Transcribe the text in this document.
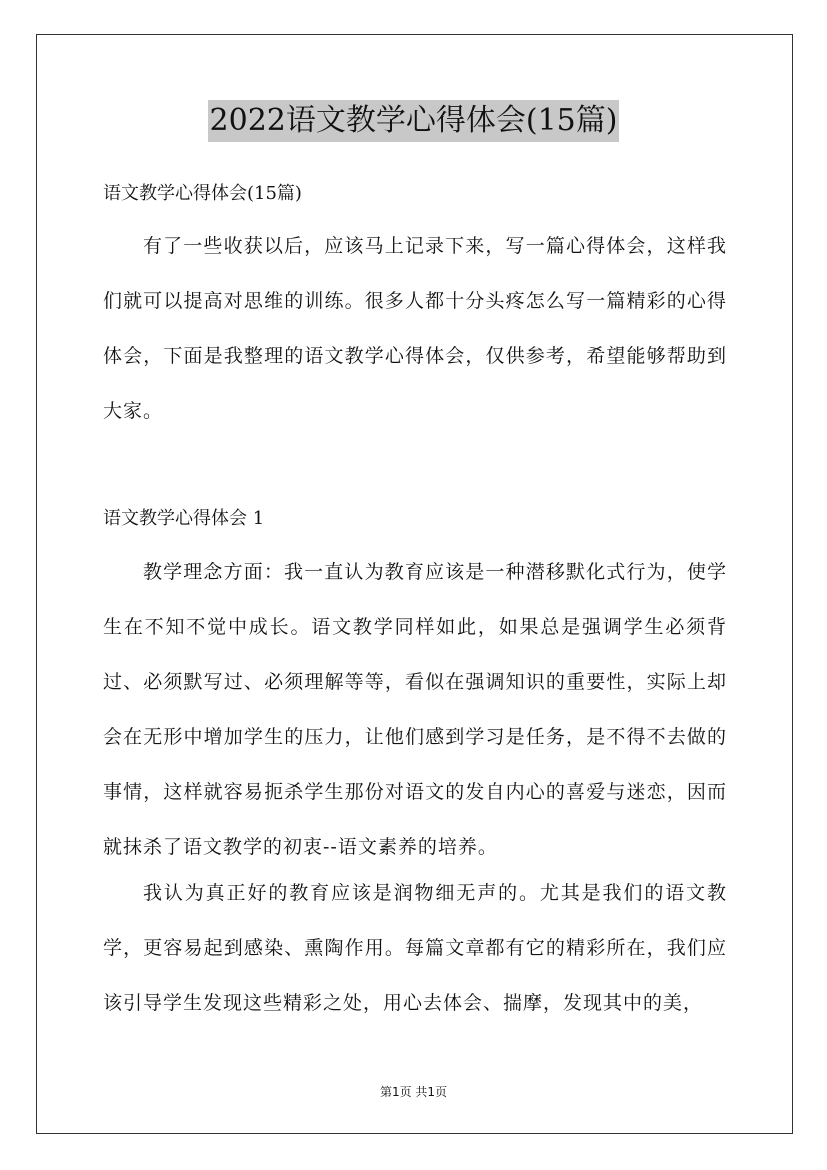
2022语文教学心得体会(15篇)
语文教学心得体会(15篇)

有了一些收获以后，应该马上记录下来，写一篇心得体会，这样我们就可以提高对思维的训练。很多人都十分头疼怎么写一篇精彩的心得体会，下面是我整理的语文教学心得体会，仅供参考，希望能够帮助到大家。

语文教学心得体会 1

教学理念方面：我一直认为教育应该是一种潜移默化式行为，使学生在不知不觉中成长。语文教学同样如此，如果总是强调学生必须背过、必须默写过、必须理解等等，看似在强调知识的重要性，实际上却会在无形中增加学生的压力，让他们感到学习是任务，是不得不去做的事情，这样就容易扼杀学生那份对语文的发自内心的喜爱与迷恋，因而就抹杀了语文教学的初衷--语文素养的培养。

我认为真正好的教育应该是润物细无声的。尤其是我们的语文教学，更容易起到感染、熏陶作用。每篇文章都有它的精彩所在，我们应该引导学生发现这些精彩之处，用心去体会、揣摩，发现其中的美，

第1页 共1页
